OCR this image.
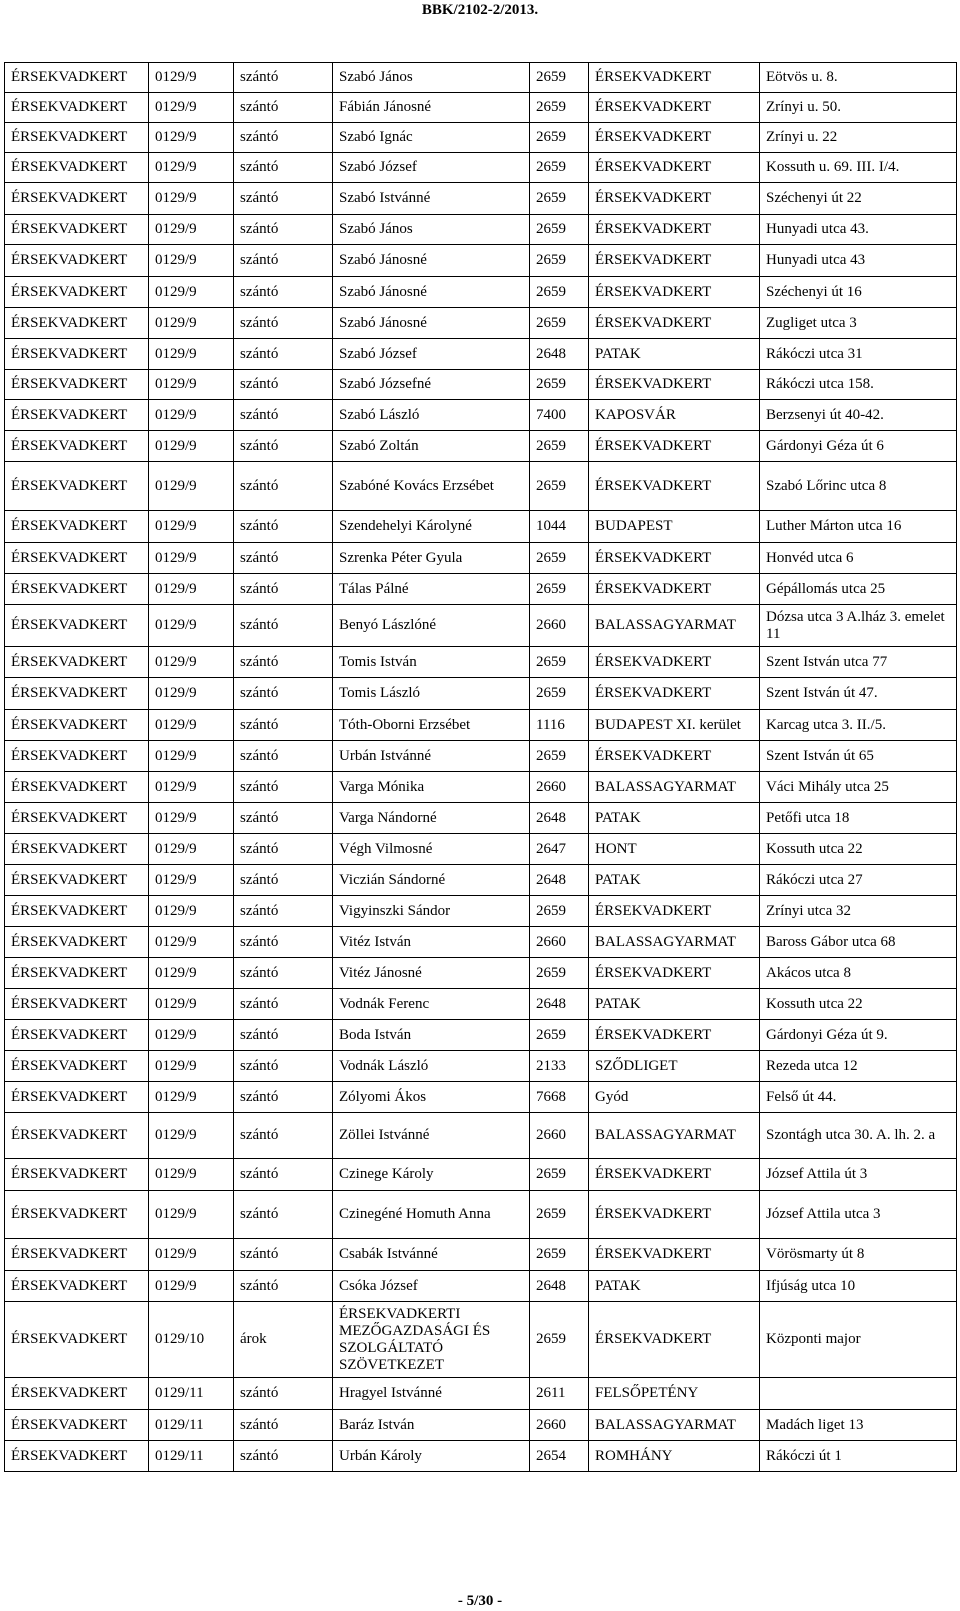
BBK/2102-2/2013.
ÉRSEKVADKERT	0129/9	szántó	Szabó János	2659	ÉRSEKVADKERT	Eötvös u. 8.
ÉRSEKVADKERT	0129/9	szántó	Fábián Jánosné	2659	ÉRSEKVADKERT	Zrínyi u. 50.
ÉRSEKVADKERT	0129/9	szántó	Szabó Ignác	2659	ÉRSEKVADKERT	Zrínyi u. 22
ÉRSEKVADKERT	0129/9	szántó	Szabó József	2659	ÉRSEKVADKERT	Kossuth u. 69. III. I/4.
ÉRSEKVADKERT	0129/9	szántó	Szabó Istvánné	2659	ÉRSEKVADKERT	Széchenyi út 22
ÉRSEKVADKERT	0129/9	szántó	Szabó János	2659	ÉRSEKVADKERT	Hunyadi utca 43.
ÉRSEKVADKERT	0129/9	szántó	Szabó Jánosné	2659	ÉRSEKVADKERT	Hunyadi utca 43
ÉRSEKVADKERT	0129/9	szántó	Szabó Jánosné	2659	ÉRSEKVADKERT	Széchenyi út 16
ÉRSEKVADKERT	0129/9	szántó	Szabó Jánosné	2659	ÉRSEKVADKERT	Zugliget utca 3
ÉRSEKVADKERT	0129/9	szántó	Szabó József	2648	PATAK	Rákóczi utca 31
ÉRSEKVADKERT	0129/9	szántó	Szabó Józsefné	2659	ÉRSEKVADKERT	Rákóczi utca 158.
ÉRSEKVADKERT	0129/9	szántó	Szabó László	7400	KAPOSVÁR	Berzsenyi út 40-42.
ÉRSEKVADKERT	0129/9	szántó	Szabó Zoltán	2659	ÉRSEKVADKERT	Gárdonyi Géza út 6
ÉRSEKVADKERT	0129/9	szántó	Szabóné Kovács Erzsébet	2659	ÉRSEKVADKERT	Szabó Lőrinc utca 8
ÉRSEKVADKERT	0129/9	szántó	Szendehelyi Károlyné	1044	BUDAPEST	Luther Márton utca 16
ÉRSEKVADKERT	0129/9	szántó	Szrenka Péter Gyula	2659	ÉRSEKVADKERT	Honvéd utca 6
ÉRSEKVADKERT	0129/9	szántó	Tálas Pálné	2659	ÉRSEKVADKERT	Gépállomás utca 25
ÉRSEKVADKERT	0129/9	szántó	Benyó Lászlóné	2660	BALASSAGYARMAT	Dózsa utca 3 A.lház 3. emelet 11
ÉRSEKVADKERT	0129/9	szántó	Tomis István	2659	ÉRSEKVADKERT	Szent István utca 77
ÉRSEKVADKERT	0129/9	szántó	Tomis László	2659	ÉRSEKVADKERT	Szent István út 47.
ÉRSEKVADKERT	0129/9	szántó	Tóth-Oborni Erzsébet	1116	BUDAPEST XI. kerület	Karcag utca 3. II./5.
ÉRSEKVADKERT	0129/9	szántó	Urbán Istvánné	2659	ÉRSEKVADKERT	Szent István út 65
ÉRSEKVADKERT	0129/9	szántó	Varga Mónika	2660	BALASSAGYARMAT	Váci Mihály utca 25
ÉRSEKVADKERT	0129/9	szántó	Varga Nándorné	2648	PATAK	Petőfi utca 18
ÉRSEKVADKERT	0129/9	szántó	Végh Vilmosné	2647	HONT	Kossuth utca 22
ÉRSEKVADKERT	0129/9	szántó	Viczián Sándorné	2648	PATAK	Rákóczi utca 27
ÉRSEKVADKERT	0129/9	szántó	Vigyinszki Sándor	2659	ÉRSEKVADKERT	Zrínyi utca 32
ÉRSEKVADKERT	0129/9	szántó	Vitéz István	2660	BALASSAGYARMAT	Baross Gábor utca 68
ÉRSEKVADKERT	0129/9	szántó	Vitéz Jánosné	2659	ÉRSEKVADKERT	Akácos utca 8
ÉRSEKVADKERT	0129/9	szántó	Vodnák Ferenc	2648	PATAK	Kossuth utca 22
ÉRSEKVADKERT	0129/9	szántó	Boda István	2659	ÉRSEKVADKERT	Gárdonyi Géza út 9.
ÉRSEKVADKERT	0129/9	szántó	Vodnák László	2133	SZŐDLIGET	Rezeda utca 12
ÉRSEKVADKERT	0129/9	szántó	Zólyomi Ákos	7668	Gyód	Felső út 44.
ÉRSEKVADKERT	0129/9	szántó	Zöllei Istvánné	2660	BALASSAGYARMAT	Szontágh utca 30. A. lh. 2. a
ÉRSEKVADKERT	0129/9	szántó	Czinege Károly	2659	ÉRSEKVADKERT	József Attila út 3
ÉRSEKVADKERT	0129/9	szántó	Czinegéné Homuth Anna	2659	ÉRSEKVADKERT	József Attila utca 3
ÉRSEKVADKERT	0129/9	szántó	Csabák Istvánné	2659	ÉRSEKVADKERT	Vörösmarty út 8
ÉRSEKVADKERT	0129/9	szántó	Csóka József	2648	PATAK	Ifjúság utca 10
ÉRSEKVADKERT	0129/10	árok	ÉRSEKVADKERTI MEZŐGAZDASÁGI ÉS SZOLGÁLTATÓ SZÖVETKEZET	2659	ÉRSEKVADKERT	Központi major
ÉRSEKVADKERT	0129/11	szántó	Hragyel Istvánné	2611	FELSŐPETÉNY	
ÉRSEKVADKERT	0129/11	szántó	Baráz István	2660	BALASSAGYARMAT	Madách liget 13
ÉRSEKVADKERT	0129/11	szántó	Urbán Károly	2654	ROMHÁNY	Rákóczi út 1
- 5/30 -
